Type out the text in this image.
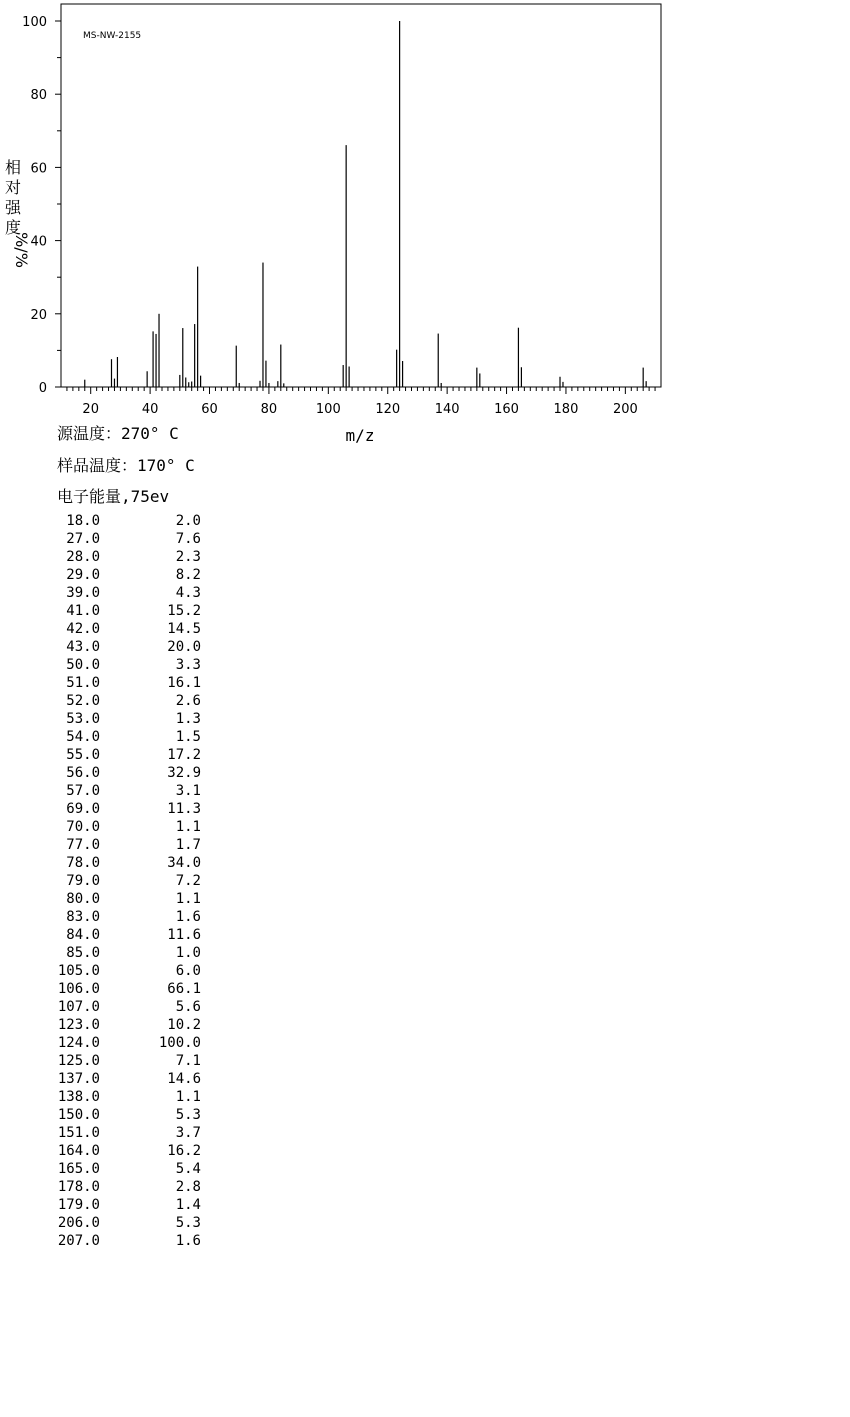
0
20
40
60
80
100
20	40	60	80	100	120	140	160	180	200
MS-NW-2155
m/z
相
对
强
度
%/%
源温度：270° C
样品温度：170° C
电子能量,75ev
18.0	2.0
27.0	7.6
28.0	2.3
29.0	8.2
39.0	4.3
41.0	15.2
42.0	14.5
43.0	20.0
50.0	3.3
51.0	16.1
52.0	2.6
53.0	1.3
54.0	1.5
55.0	17.2
56.0	32.9
57.0	3.1
69.0	11.3
70.0	1.1
77.0	1.7
78.0	34.0
79.0	7.2
80.0	1.1
83.0	1.6
84.0	11.6
85.0	1.0
105.0	6.0
106.0	66.1
107.0	5.6
123.0	10.2
124.0	100.0
125.0	7.1
137.0	14.6
138.0	1.1
150.0	5.3
151.0	3.7
164.0	16.2
165.0	5.4
178.0	2.8
179.0	1.4
206.0	5.3
207.0	1.6
